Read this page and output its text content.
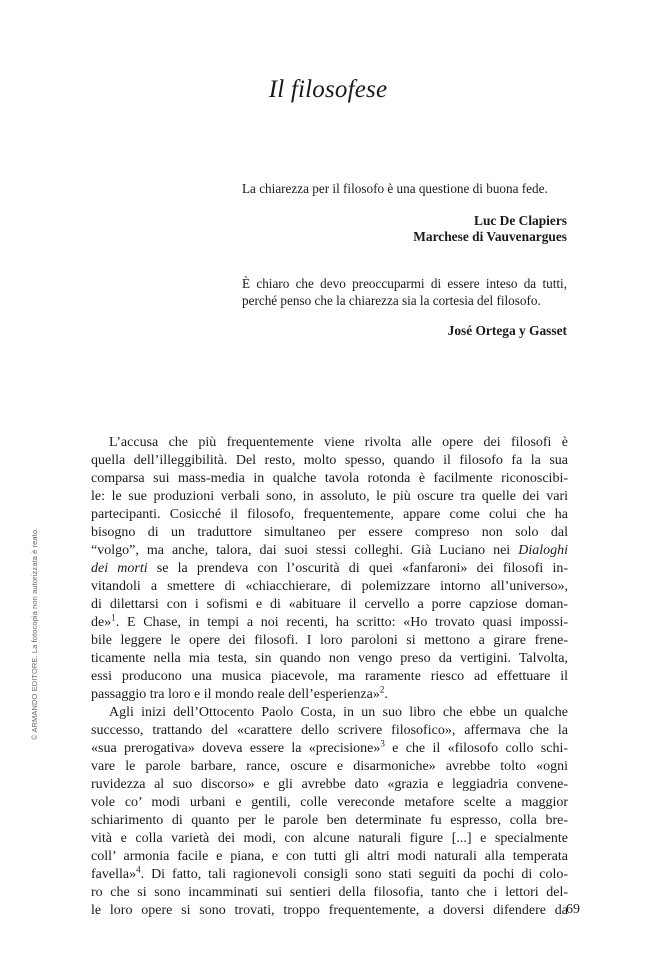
Il filosofese
La chiarezza per il filosofo è una questione di buona fede.
Luc De Clapiers
Marchese di Vauvenargues
È chiaro che devo preoccuparmi di essere inteso da tutti, perché penso che la chiarezza sia la cortesia del filosofo.
José Ortega y Gasset
L’accusa che più frequentemente viene rivolta alle opere dei filosofi è
quella dell’illeggibilità. Del resto, molto spesso, quando il filosofo fa la sua
comparsa sui mass-media in qualche tavola rotonda è facilmente riconoscibi-
le: le sue produzioni verbali sono, in assoluto, le più oscure tra quelle dei vari
partecipanti. Cosicché il filosofo, frequentemente, appare come colui che ha
bisogno di un traduttore simultaneo per essere compreso non solo dal
“volgo”, ma anche, talora, dai suoi stessi colleghi. Già Luciano nei Dialoghi
dei morti se la prendeva con l’oscurità di quei «fanfaroni» dei filosofi in-
vitandoli a smettere di «chiacchierare, di polemizzare intorno all’universo»,
di dilettarsi con i sofismi e di «abituare il cervello a porre capziose doman-
de»$^1$. E Chase, in tempi a noi recenti, ha scritto: «Ho trovato quasi impossi-
bile leggere le opere dei filosofi. I loro paroloni si mettono a girare frene-
ticamente nella mia testa, sin quando non vengo preso da vertigini. Talvolta,
essi producono una musica piacevole, ma raramente riesco ad effettuare il
passaggio tra loro e il mondo reale dell’esperienza»$^2$.
Agli inizi dell’Ottocento Paolo Costa, in un suo libro che ebbe un qualche
successo, trattando del «carattere dello scrivere filosofico», affermava che la
«sua prerogativa» doveva essere la «precisione»$^3$ e che il «filosofo collo schi-
vare le parole barbare, rance, oscure e disarmoniche» avrebbe tolto «ogni
ruvidezza al suo discorso» e gli avrebbe dato «grazia e leggiadria convene-
vole co’ modi urbani e gentili, colle vereconde metafore scelte a maggior
schiarimento di quanto per le parole ben determinate fu espresso, colla bre-
vità e colla varietà dei modi, con alcune naturali figure [...] e specialmente
coll’ armonia facile e piana, e con tutti gli altri modi naturali alla temperata
favella»$^4$. Di fatto, tali ragionevoli consigli sono stati seguiti da pochi di colo-
ro che si sono incamminati sui sentieri della filosofia, tanto che i lettori del-
le loro opere si sono trovati, troppo frequentemente, a doversi difendere da
69
© ARMANDO EDITORE. La fotocopia non autorizzata è reato.
